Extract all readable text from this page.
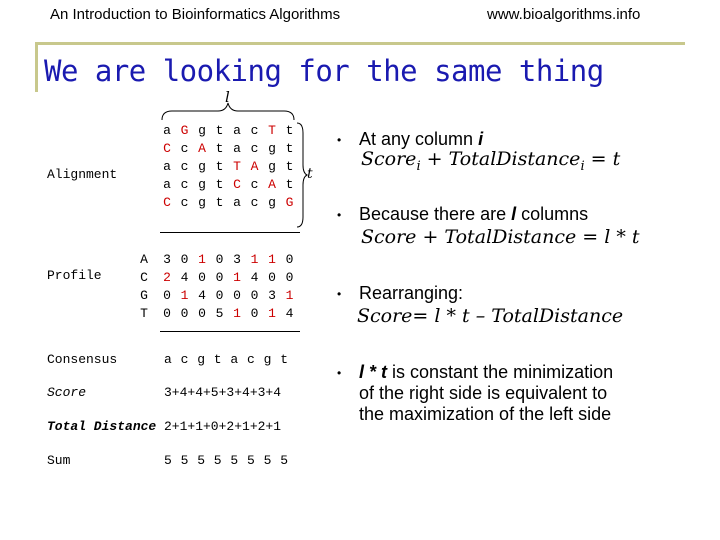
An Introduction to Bioinformatics Algorithms	www.bioalgorithms.info
We are looking for the same thing
l
t
Alignment
Profile
Consensus
Score
Total Distance
Sum
a G g t a c T t
C c A t a c g t
a c g t T A g t
a c g t C c A t
C c g t a c g G
A
C
G
T
3 0 1 0 3 1 1 0
2 4 0 0 1 4 0 0
0 1 4 0 0 0 3 1
0 0 0 5 1 0 1 4
a c g t a c g t
3+4+4+5+3+4+3+4
2+1+1+0+2+1+2+1
5 5 5 5 5 5 5 5
• At any column i
Score$_i$ + TotalDistance$_i$ = t
• Because there are l columns
Score + TotalDistance = l * t
• Rearranging:
Score= l * t – TotalDistance
• l * t is constant the minimization
of the right side is equivalent to
the maximization of the left side
